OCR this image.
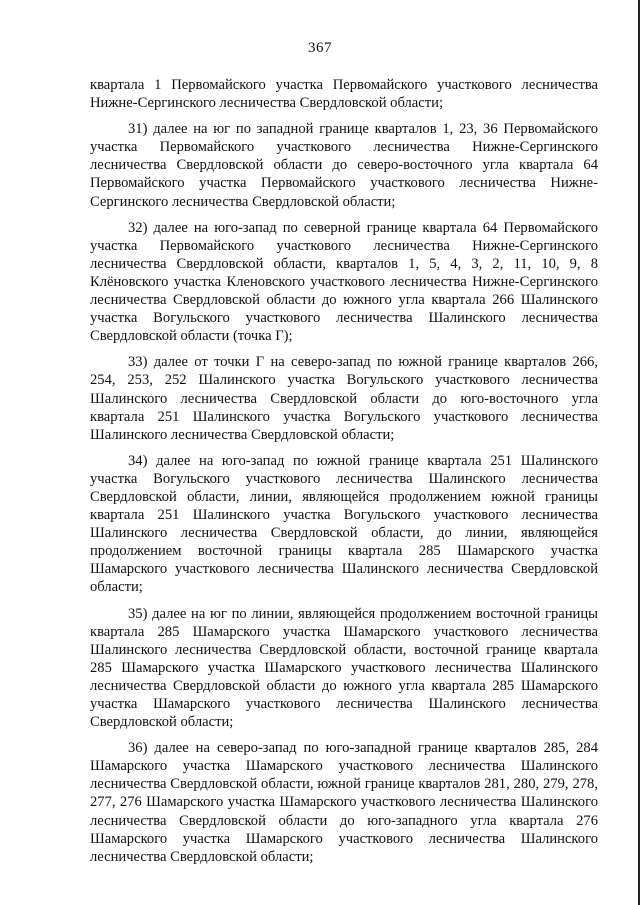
367

квартала 1 Первомайского участка Первомайского участкового лесничества Нижне-Сергинского лесничества Свердловской области;

31) далее на юг по западной границе кварталов 1, 23, 36 Первомайского участка Первомайского участкового лесничества Нижне-Сергинского лесничества Свердловской области до северо-восточного угла квартала 64 Первомайского участка Первомайского участкового лесничества Нижне-Сергинского лесничества Свердловской области;

32) далее на юго-запад по северной границе квартала 64 Первомайского участка Первомайского участкового лесничества Нижне-Сергинского лесничества Свердловской области, кварталов 1, 5, 4, 3, 2, 11, 10, 9, 8 Клёновского участка Кленовского участкового лесничества Нижне-Сергинского лесничества Свердловской области до южного угла квартала 266 Шалинского участка Вогульского участкового лесничества Шалинского лесничества Свердловской области (точка Г);

33) далее от точки Г на северо-запад по южной границе кварталов 266, 254, 253, 252 Шалинского участка Вогульского участкового лесничества Шалинского лесничества Свердловской области до юго-восточного угла квартала 251 Шалинского участка Вогульского участкового лесничества Шалинского лесничества Свердловской области;

34) далее на юго-запад по южной границе квартала 251 Шалинского участка Вогульского участкового лесничества Шалинского лесничества Свердловской области, линии, являющейся продолжением южной границы квартала 251 Шалинского участка Вогульского участкового лесничества Шалинского лесничества Свердловской области, до линии, являющейся продолжением восточной границы квартала 285 Шамарского участка Шамарского участкового лесничества Шалинского лесничества Свердловской области;

35) далее на юг по линии, являющейся продолжением восточной границы квартала 285 Шамарского участка Шамарского участкового лесничества Шалинского лесничества Свердловской области, восточной границе квартала 285 Шамарского участка Шамарского участкового лесничества Шалинского лесничества Свердловской области до южного угла квартала 285 Шамарского участка Шамарского участкового лесничества Шалинского лесничества Свердловской области;

36) далее на северо-запад по юго-западной границе кварталов 285, 284 Шамарского участка Шамарского участкового лесничества Шалинского лесничества Свердловской области, южной границе кварталов 281, 280, 279, 278, 277, 276 Шамарского участка Шамарского участкового лесничества Шалинского лесничества Свердловской области до юго-западного угла квартала 276 Шамарского участка Шамарского участкового лесничества Шалинского лесничества Свердловской области;
